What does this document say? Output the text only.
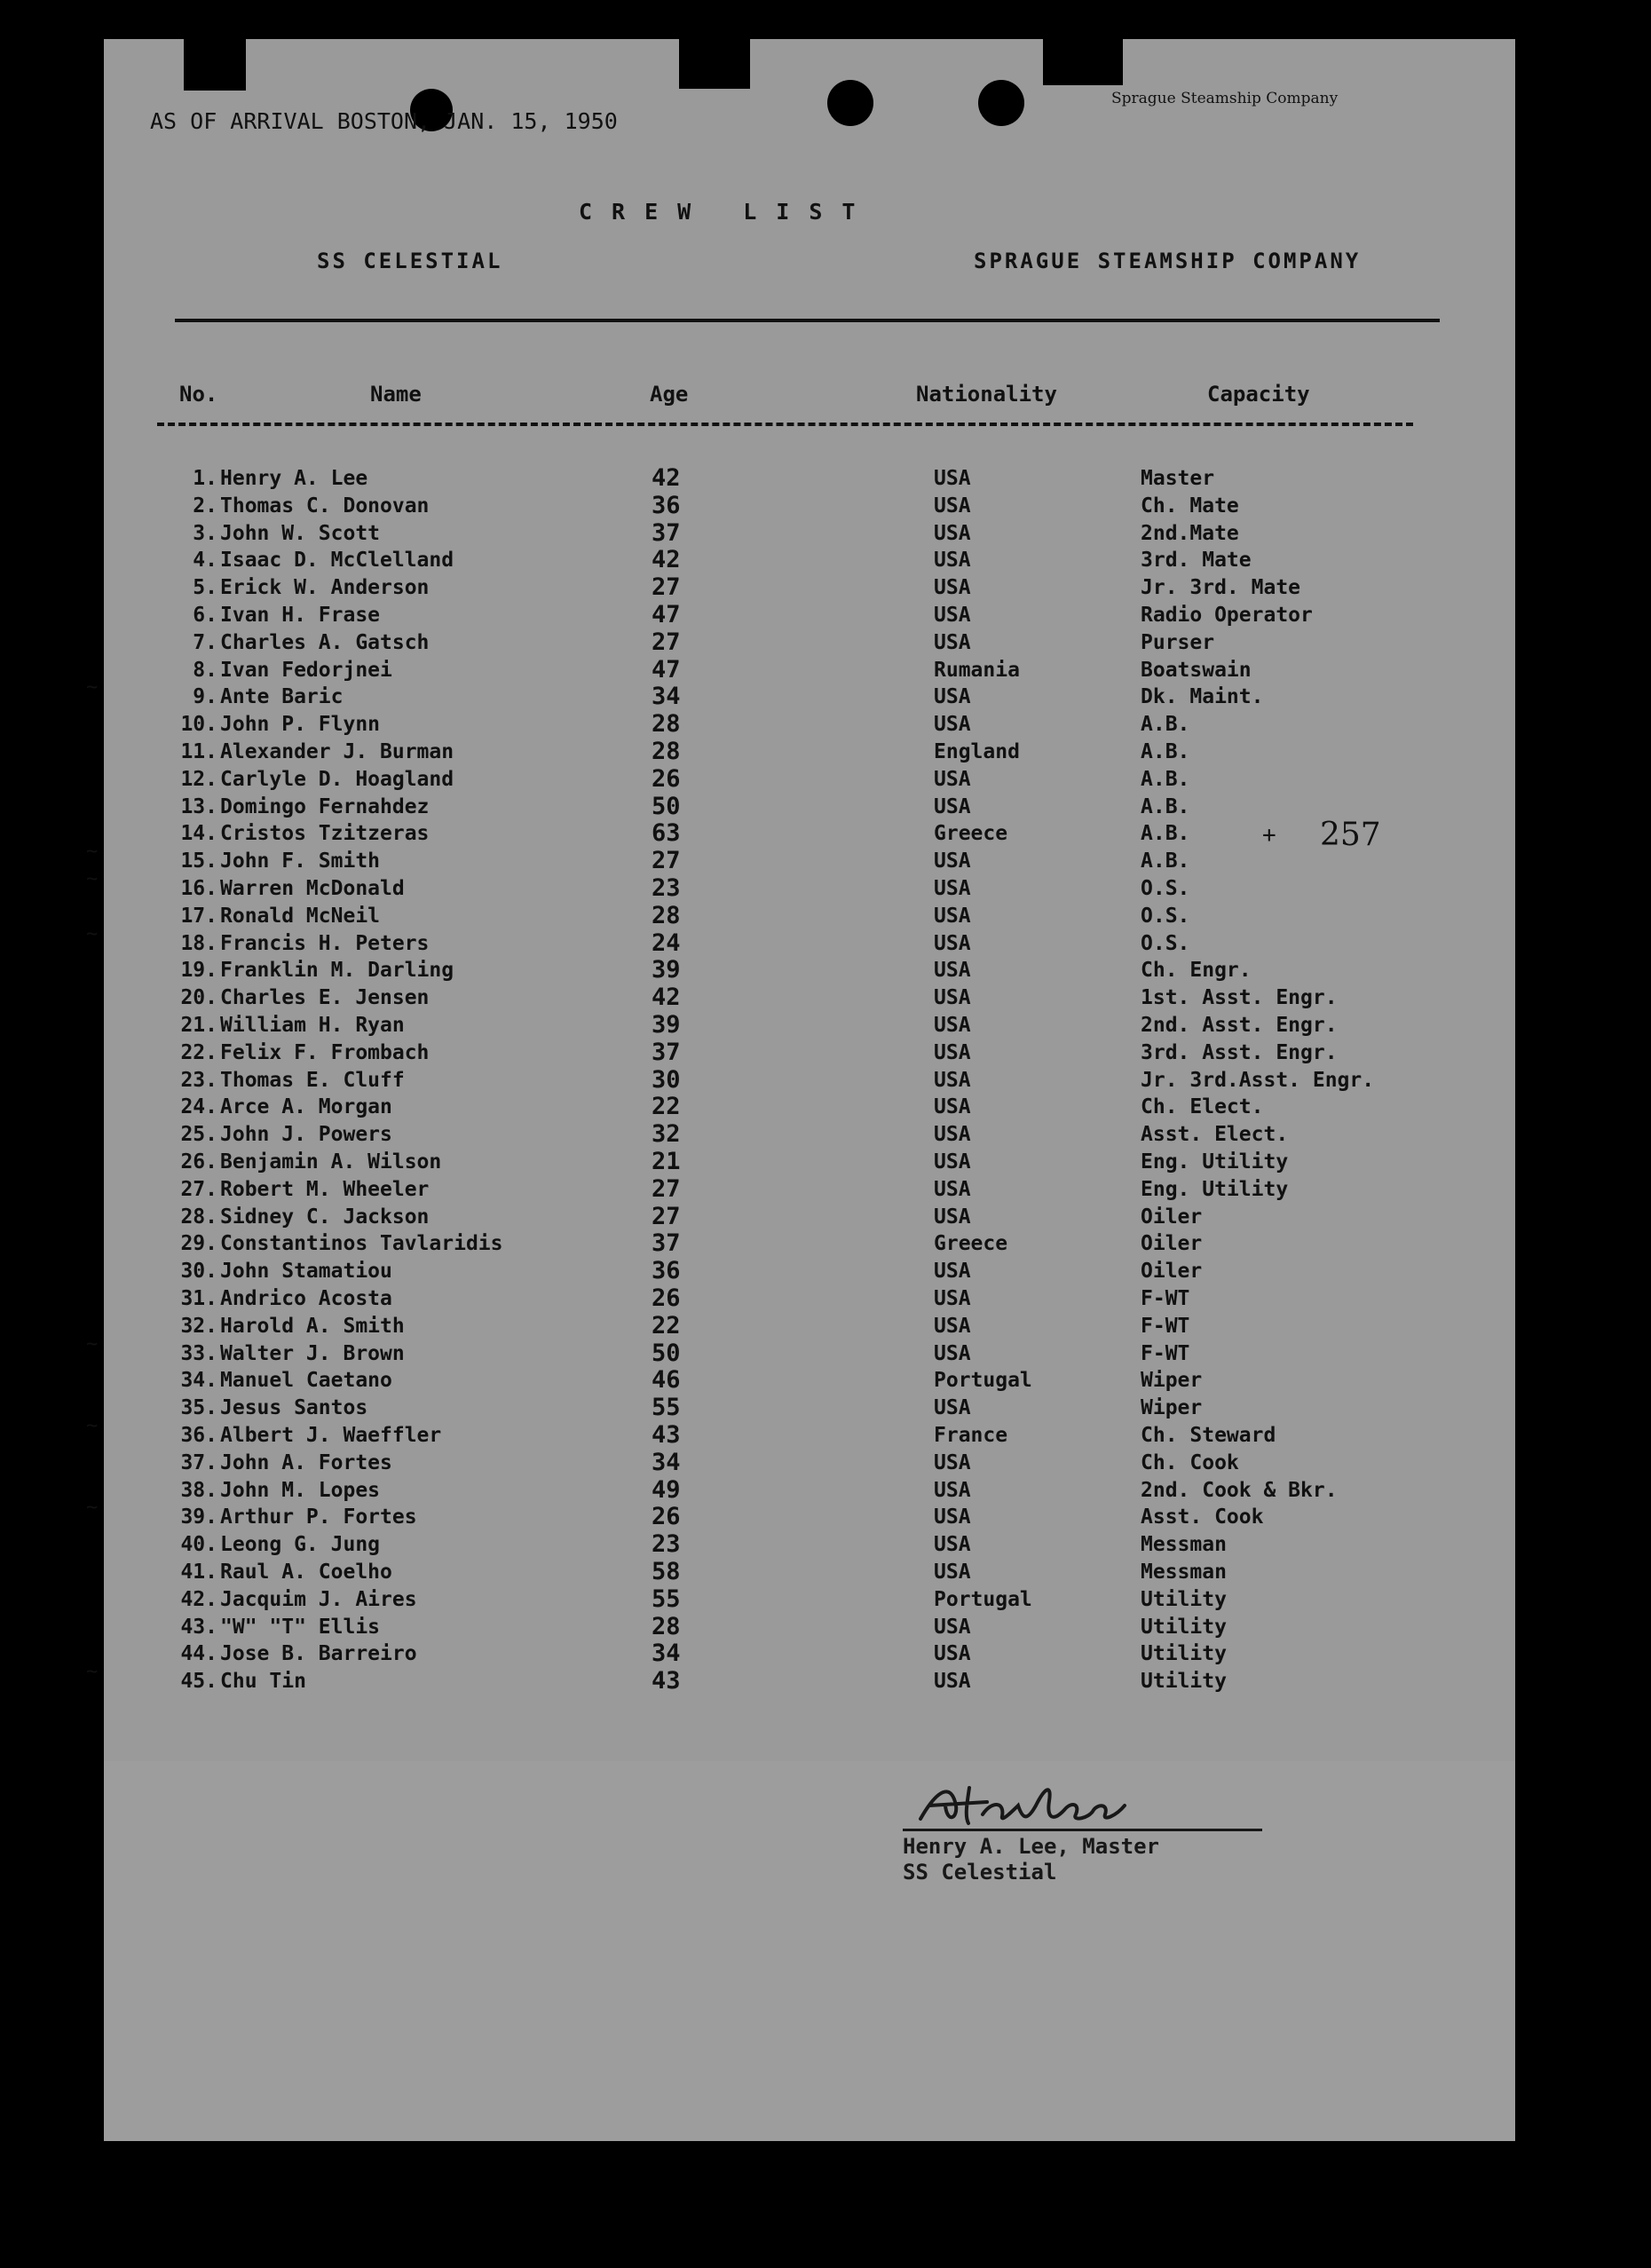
AS OF ARRIVAL BOSTON, JAN. 15, 1950
Sprague Steamship Company
CREW LIST
SS CELESTIAL	SPRAGUE STEAMSHIP COMPANY
No.	Name	Age	Nationality	Capacity
1. Henry A. Lee	42	USA	Master
2. Thomas C. Donovan	36	USA	Ch. Mate
3. John W. Scott	37	USA	2nd.Mate
4. Isaac D. McClelland	42	USA	3rd. Mate
5. Erick W. Anderson	27	USA	Jr. 3rd. Mate
6. Ivan H. Frase	47	USA	Radio Operator
7. Charles A. Gatsch	27	USA	Purser
8. Ivan Fedorjnei	47	Rumania	Boatswain
9. Ante Baric	34	USA	Dk. Maint.
~
10. John P. Flynn	28	USA	A.B.
11. Alexander J. Burman	28	England	A.B.
12. Carlyle D. Hoagland	26	USA	A.B.
13. Domingo Fernahdez	50	USA	A.B.
14. Cristos Tzitzeras	63	Greece	A.B.
15. John F. Smith	27	USA	A.B.
~
16. Warren McDonald	23	USA	O.S.
~
17. Ronald McNeil	28	USA	O.S.
18. Francis H. Peters	24	USA	O.S.
~
19. Franklin M. Darling	39	USA	Ch. Engr.
20. Charles E. Jensen	42	USA	1st. Asst. Engr.
21. William H. Ryan	39	USA	2nd. Asst. Engr.
22. Felix F. Frombach	37	USA	3rd. Asst. Engr.
23. Thomas E. Cluff	30	USA	Jr. 3rd.Asst. Engr.
24. Arce A. Morgan	22	USA	Ch. Elect.
25. John J. Powers	32	USA	Asst. Elect.
26. Benjamin A. Wilson	21	USA	Eng. Utility
27. Robert M. Wheeler	27	USA	Eng. Utility
28. Sidney C. Jackson	27	USA	Oiler
29. Constantinos Tavlaridis	37	Greece	Oiler
30. John Stamatiou	36	USA	Oiler
31. Andrico Acosta	26	USA	F-WT
32. Harold A. Smith	22	USA	F-WT
33. Walter J. Brown	50	USA	F-WT
~
34. Manuel Caetano	46	Portugal	Wiper
35. Jesus Santos	55	USA	Wiper
36. Albert J. Waeffler	43	France	Ch. Steward
~
37. John A. Fortes	34	USA	Ch. Cook
38. John M. Lopes	49	USA	2nd. Cook & Bkr.
39. Arthur P. Fortes	26	USA	Asst. Cook
~
40. Leong G. Jung	23	USA	Messman
41. Raul A. Coelho	58	USA	Messman
42. Jacquim J. Aires	55	Portugal	Utility
43. "W" "T" Ellis	28	USA	Utility
44. Jose B. Barreiro	34	USA	Utility
45. Chu Tin	43	USA	Utility
~
+ 257
Henry A. Lee, Master
SS Celestial
